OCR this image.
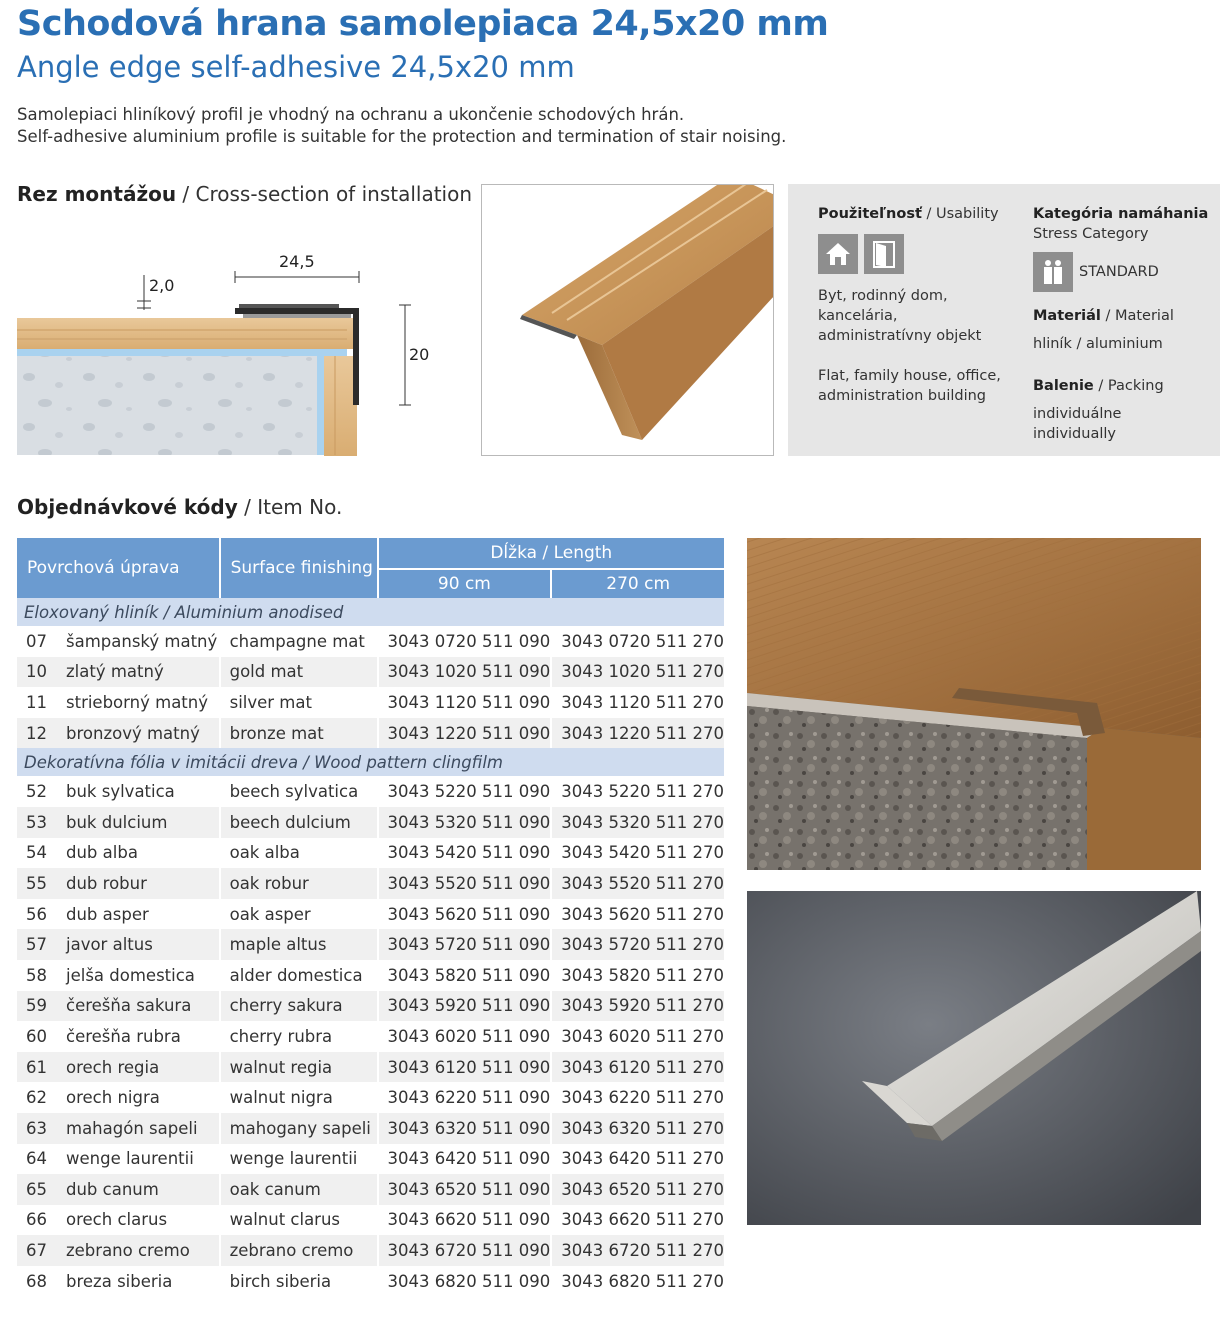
Schodová hrana samolepiaca 24,5x20 mm
Angle edge self-adhesive 24,5x20 mm
Samolepiaci hliníkový profil je vhodný na ochranu a ukončenie schodových hrán.
Self-adhesive aluminium profile is suitable for the protection and termination of stair noising.
Rez montážou / Cross-section of installation
24,5
2,0
20
Použiteľnosť / Usability
Byt, rodinný dom, kancelária, administratívny objekt
Flat, family house, office, administration building
Kategória namáhania
Stress Category
STANDARD
Materiál / Material
hliník / aluminium
Balenie / Packing
individuálne
individually
Objednávkové kódy / Item No.
Povrchová úprava	Surface finishing	Dĺžka / Length	
		90 cm	270 cm
Eloxovaný hliník / Aluminium anodised			
07 šampanský matný	champagne mat	3043 0720 511 090	3043 0720 511 270
10 zlatý matný	gold mat	3043 1020 511 090	3043 1020 511 270
11 strieborný matný	silver mat	3043 1120 511 090	3043 1120 511 270
12 bronzový matný	bronze mat	3043 1220 511 090	3043 1220 511 270
Dekoratívna fólia v imitácii dreva / Wood pattern clingfilm			
52 buk sylvatica	beech sylvatica	3043 5220 511 090	3043 5220 511 270
53 buk dulcium	beech dulcium	3043 5320 511 090	3043 5320 511 270
54 dub alba	oak alba	3043 5420 511 090	3043 5420 511 270
55 dub robur	oak robur	3043 5520 511 090	3043 5520 511 270
56 dub asper	oak asper	3043 5620 511 090	3043 5620 511 270
57 javor altus	maple altus	3043 5720 511 090	3043 5720 511 270
58 jelša domestica	alder domestica	3043 5820 511 090	3043 5820 511 270
59 čerešňa sakura	cherry sakura	3043 5920 511 090	3043 5920 511 270
60 čerešňa rubra	cherry rubra	3043 6020 511 090	3043 6020 511 270
61 orech regia	walnut regia	3043 6120 511 090	3043 6120 511 270
62 orech nigra	walnut nigra	3043 6220 511 090	3043 6220 511 270
63 mahagón sapeli	mahogany sapeli	3043 6320 511 090	3043 6320 511 270
64 wenge laurentii	wenge laurentii	3043 6420 511 090	3043 6420 511 270
65 dub canum	oak canum	3043 6520 511 090	3043 6520 511 270
66 orech clarus	walnut clarus	3043 6620 511 090	3043 6620 511 270
67 zebrano cremo	zebrano cremo	3043 6720 511 090	3043 6720 511 270
68 breza siberia	birch siberia	3043 6820 511 090	3043 6820 511 270
